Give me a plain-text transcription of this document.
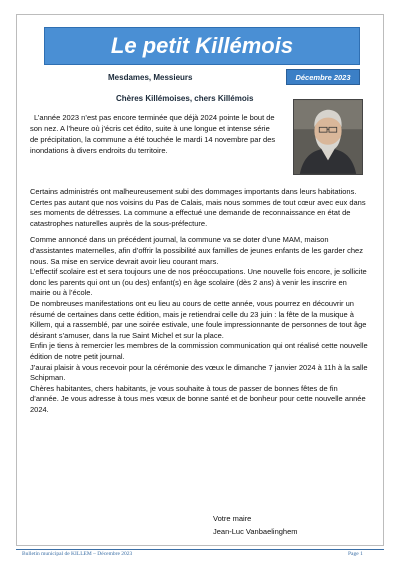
Le petit Killémois
Mesdames, Messieurs	Décembre 2023
Chères Killémoises, chers Killémois

L’année 2023 n’est pas encore terminée que déjà 2024 pointe le bout de son nez. A l’heure où j’écris cet édito, suite à une longue et intense série de précipitation, la commune a été touchée le mardi 14 novembre par des inondations à divers endroits du territoire.

Certains administrés ont malheureusement subi des dommages importants dans leurs habitations. Certes pas autant que nos voisins du Pas de Calais, mais nous sommes de tout cœur avec eux dans ses moments de détresses. La commune a effectué une demande de reconnaissance en état de catastrophes naturelles auprès de la sous-préfecture.

Comme annoncé dans un précédent journal, la commune va se doter d’une MAM, maison d’assistantes maternelles, afin d’offrir la possibilité aux familles de jeunes enfants de les garder chez nous. Sa mise en service devrait avoir lieu courant mars.

L’effectif scolaire est et sera toujours une de nos préoccupations. Une nouvelle fois encore, je sollicite donc les parents qui ont un (ou des) enfant(s) en âge scolaire (dès 2 ans) à venir les inscrire en mairie ou à l’école.

De nombreuses manifestations ont eu lieu au cours de cette année, vous pourrez en découvrir un résumé de certaines dans cette édition, mais je retiendrai celle du 23 juin : la fête de la musique à Killem, qui a rassemblé, par une soirée estivale, une foule impressionnante de personnes de tout âge désirant s’amuser, dans la rue Saint Michel et sur la place.

Enfin je tiens à remercier les membres de la commission communication qui ont réalisé cette nouvelle édition de notre petit journal.

J’aurai plaisir à vous recevoir pour la cérémonie des vœux le dimanche 7 janvier 2024 à 11h à la salle Schipman.

Chères habitantes, chers habitants, je vous souhaite à tous de passer de bonnes fêtes de fin d’année. Je vous adresse à tous mes vœux de bonne santé et de bonheur pour cette nouvelle année 2024.

Votre maire
Jean-Luc Vanbaelinghem
Bulletin municipal de KILLEM – Décembre 2023	Page 1
